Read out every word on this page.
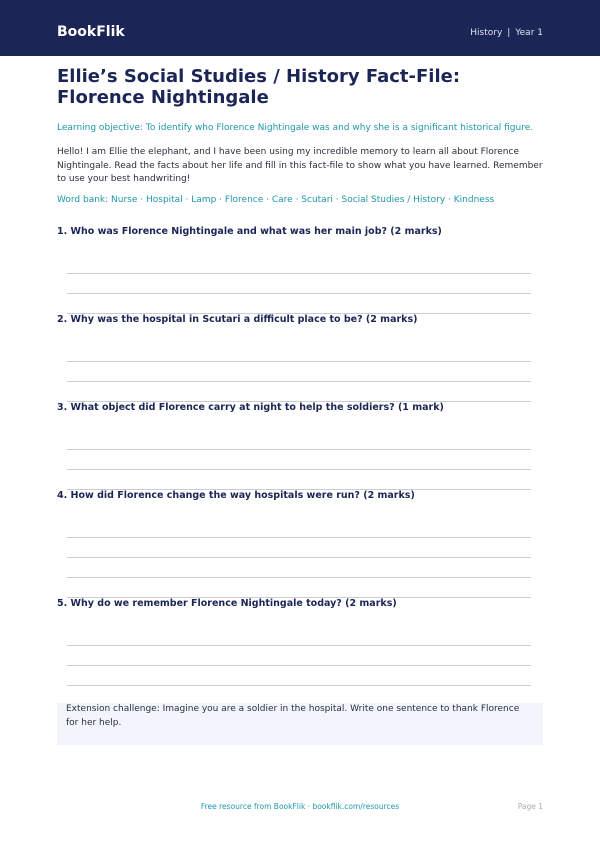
BookFlik	History | Year 1
Ellie’s Social Studies / History Fact-File: Florence Nightingale
Learning objective: To identify who Florence Nightingale was and why she is a significant historical figure.
Hello! I am Ellie the elephant, and I have been using my incredible memory to learn all about Florence Nightingale. Read the facts about her life and fill in this fact-file to show what you have learned. Remember to use your best handwriting!
Word bank: Nurse · Hospital · Lamp · Florence · Care · Scutari · Social Studies / History · Kindness
1. Who was Florence Nightingale and what was her main job? (2 marks)
2. Why was the hospital in Scutari a difficult place to be? (2 marks)
3. What object did Florence carry at night to help the soldiers? (1 mark)
4. How did Florence change the way hospitals were run? (2 marks)
5. Why do we remember Florence Nightingale today? (2 marks)
Extension challenge: Imagine you are a soldier in the hospital. Write one sentence to thank Florence for her help.
Free resource from BookFlik · bookflik.com/resources	Page 1
